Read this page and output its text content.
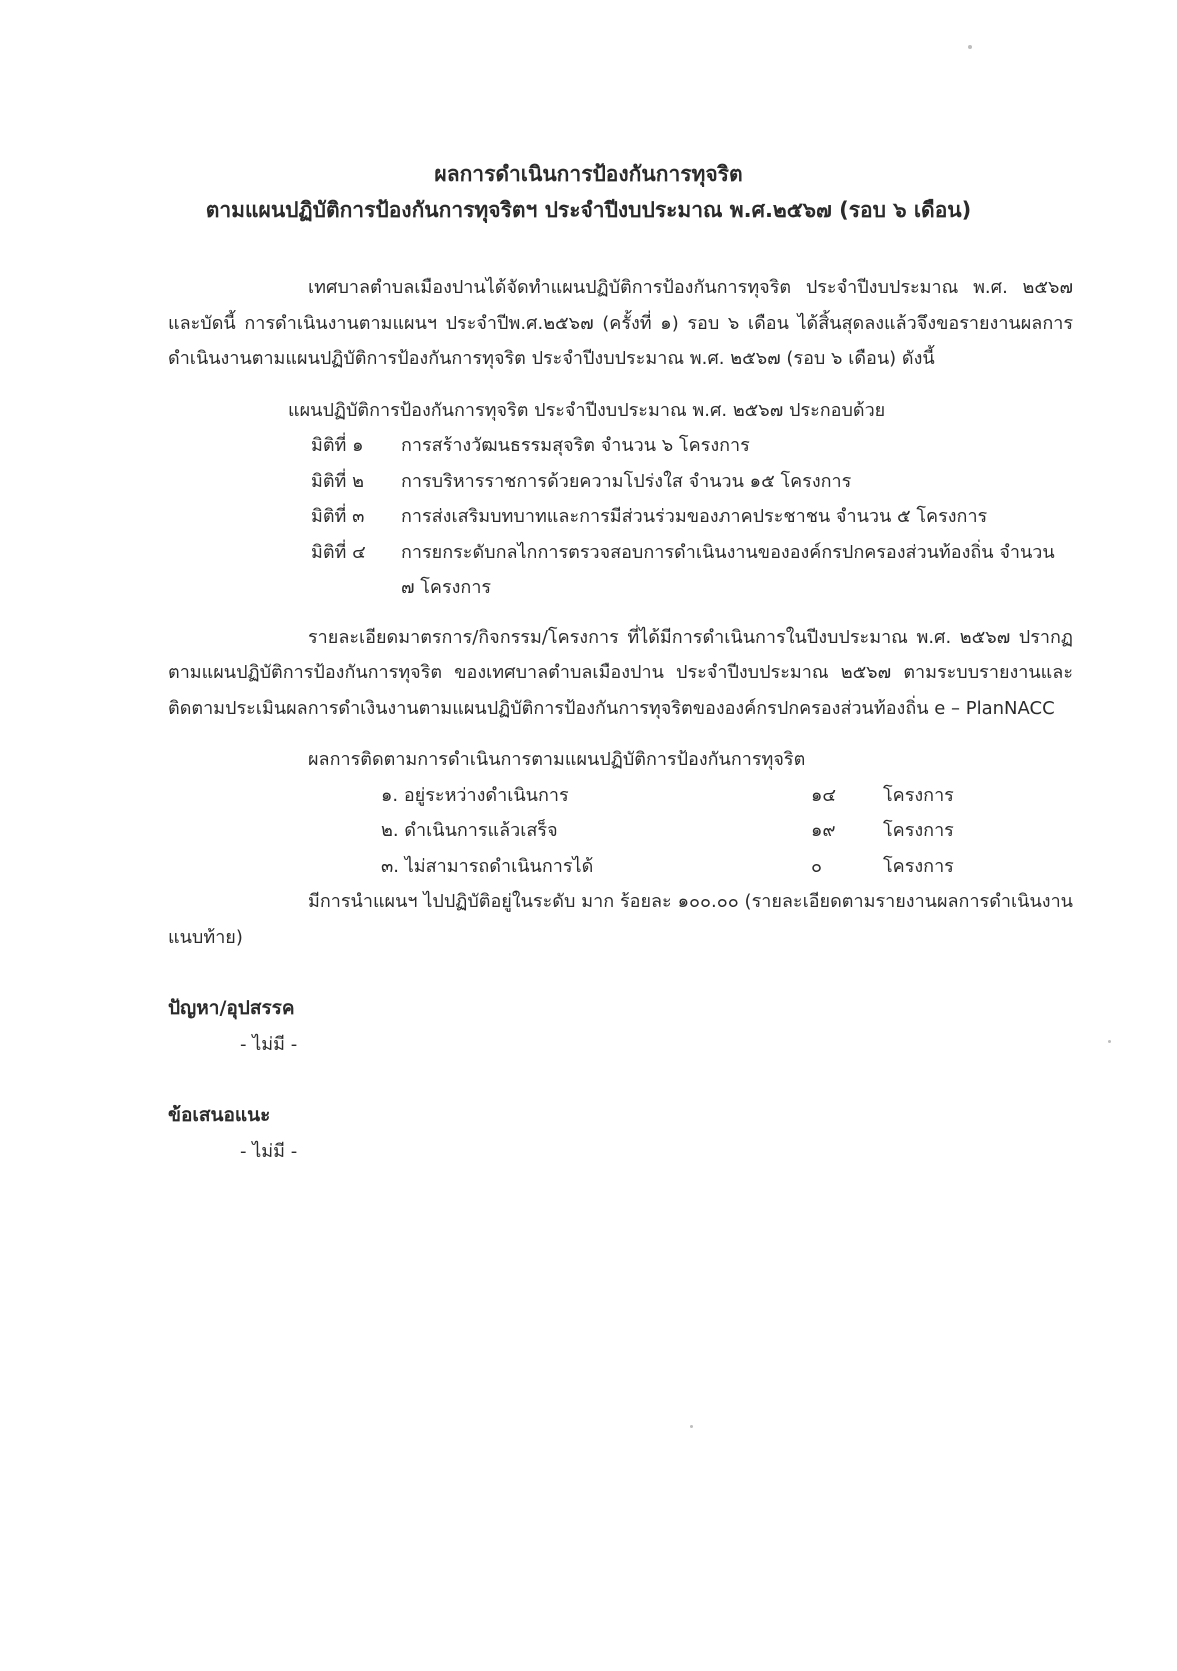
ผลการดำเนินการป้องกันการทุจริต

ตามแผนปฏิบัติการป้องกันการทุจริตฯ ประจำปีงบประมาณ พ.ศ.๒๕๖๗ (รอบ ๖ เดือน)

เทศบาลตำบลเมืองปานได้จัดทำแผนปฏิบัติการป้องกันการทุจริต ประจำปีงบประมาณ พ.ศ. ๒๕๖๗ และบัดนี้ การดำเนินงานตามแผนฯ ประจำปีพ.ศ.๒๕๖๗ (ครั้งที่ ๑) รอบ ๖ เดือน ได้สิ้นสุดลงแล้วจึงขอรายงานผลการดำเนินงานตามแผนปฏิบัติการป้องกันการทุจริต ประจำปีงบประมาณ พ.ศ. ๒๕๖๗ (รอบ ๖ เดือน) ดังนี้

แผนปฏิบัติการป้องกันการทุจริต ประจำปีงบประมาณ พ.ศ. ๒๕๖๗ ประกอบด้วย

มิติที่ ๑	การสร้างวัฒนธรรมสุจริต จำนวน ๖ โครงการ
มิติที่ ๒	การบริหารราชการด้วยความโปร่งใส จำนวน ๑๕ โครงการ
มิติที่ ๓	การส่งเสริมบทบาทและการมีส่วนร่วมของภาคประชาชน จำนวน ๕ โครงการ
มิติที่ ๔	การยกระดับกลไกการตรวจสอบการดำเนินงานขององค์กรปกครองส่วนท้องถิ่น จำนวน ๗ โครงการ

รายละเอียดมาตรการ/กิจกรรม/โครงการ ที่ได้มีการดำเนินการในปีงบประมาณ พ.ศ. ๒๕๖๗ ปรากฏตามแผนปฏิบัติการป้องกันการทุจริต ของเทศบาลตำบลเมืองปาน ประจำปีงบประมาณ ๒๕๖๗ ตามระบบรายงานและติดตามประเมินผลการดำเงินงานตามแผนปฏิบัติการป้องกันการทุจริตขององค์กรปกครองส่วนท้องถิ่น e – PlanNACC

ผลการติดตามการดำเนินการตามแผนปฏิบัติการป้องกันการทุจริต

๑. อยู่ระหว่างดำเนินการ	๑๔	โครงการ
๒. ดำเนินการแล้วเสร็จ	๑๙	โครงการ
๓. ไม่สามารถดำเนินการได้	๐	โครงการ

มีการนำแผนฯ ไปปฏิบัติอยู่ในระดับ มาก ร้อยละ ๑๐๐.๐๐ (รายละเอียดตามรายงานผลการดำเนินงานแนบท้าย)

ปัญหา/อุปสรรค

- ไม่มี -

ข้อเสนอแนะ

- ไม่มี -
